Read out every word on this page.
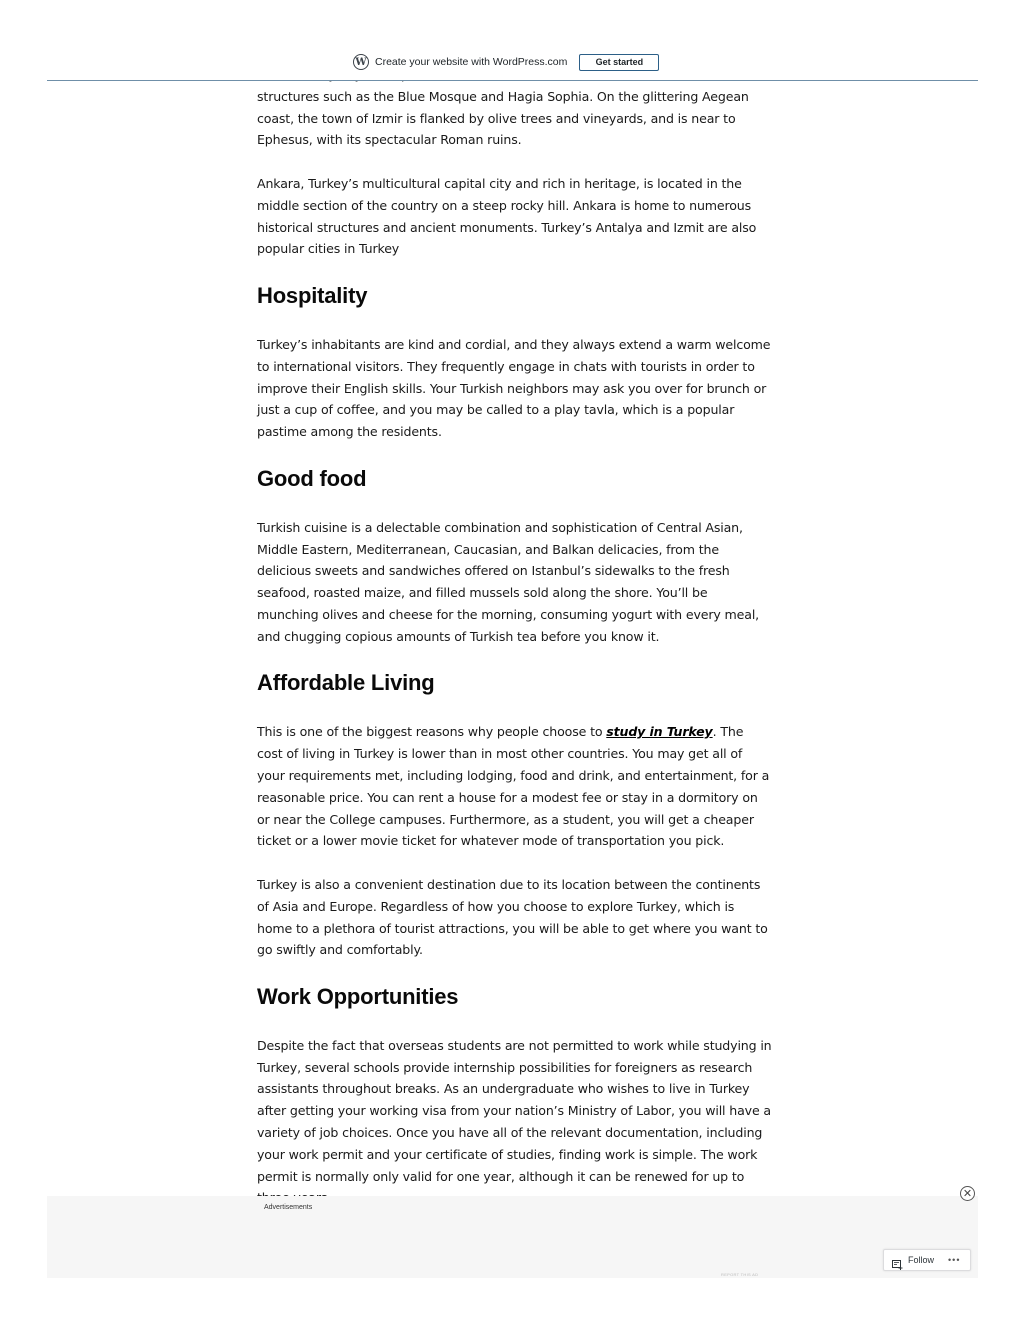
W Create your website with WordPress.com	Get started

structures such as the Blue Mosque and Hagia Sophia. On the glittering Aegean coast, the town of Izmir is flanked by olive trees and vineyards, and is near to Ephesus, with its spectacular Roman ruins.

Ankara, Turkey’s multicultural capital city and rich in heritage, is located in the middle section of the country on a steep rocky hill. Ankara is home to numerous historical structures and ancient monuments. Turkey’s Antalya and Izmit are also popular cities in Turkey

Hospitality

Turkey’s inhabitants are kind and cordial, and they always extend a warm welcome to international visitors. They frequently engage in chats with tourists in order to improve their English skills. Your Turkish neighbors may ask you over for brunch or just a cup of coffee, and you may be called to a play tavla, which is a popular pastime among the residents.

Good food

Turkish cuisine is a delectable combination and sophistication of Central Asian, Middle Eastern, Mediterranean, Caucasian, and Balkan delicacies, from the delicious sweets and sandwiches offered on Istanbul’s sidewalks to the fresh seafood, roasted maize, and filled mussels sold along the shore. You’ll be munching olives and cheese for the morning, consuming yogurt with every meal, and chugging copious amounts of Turkish tea before you know it.

Affordable Living

This is one of the biggest reasons why people choose to study in Turkey. The cost of living in Turkey is lower than in most other countries. You may get all of your requirements met, including lodging, food and drink, and entertainment, for a reasonable price. You can rent a house for a modest fee or stay in a dormitory on or near the College campuses. Furthermore, as a student, you will get a cheaper ticket or a lower movie ticket for whatever mode of transportation you pick.

Turkey is also a convenient destination due to its location between the continents of Asia and Europe. Regardless of how you choose to explore Turkey, which is home to a plethora of tourist attractions, you will be able to get where you want to go swiftly and comfortably.

Work Opportunities

Despite the fact that overseas students are not permitted to work while studying in Turkey, several schools provide internship possibilities for foreigners as research assistants throughout breaks. As an undergraduate who wishes to live in Turkey after getting your working visa from your nation’s Ministry of Labor, you will have a variety of job choices. Once you have all of the relevant documentation, including your work permit and your certificate of studies, finding work is simple. The work permit is normally only valid for one year, although it can be renewed for up to

Advertisements
REPORT THIS AD
✕
Follow •••
